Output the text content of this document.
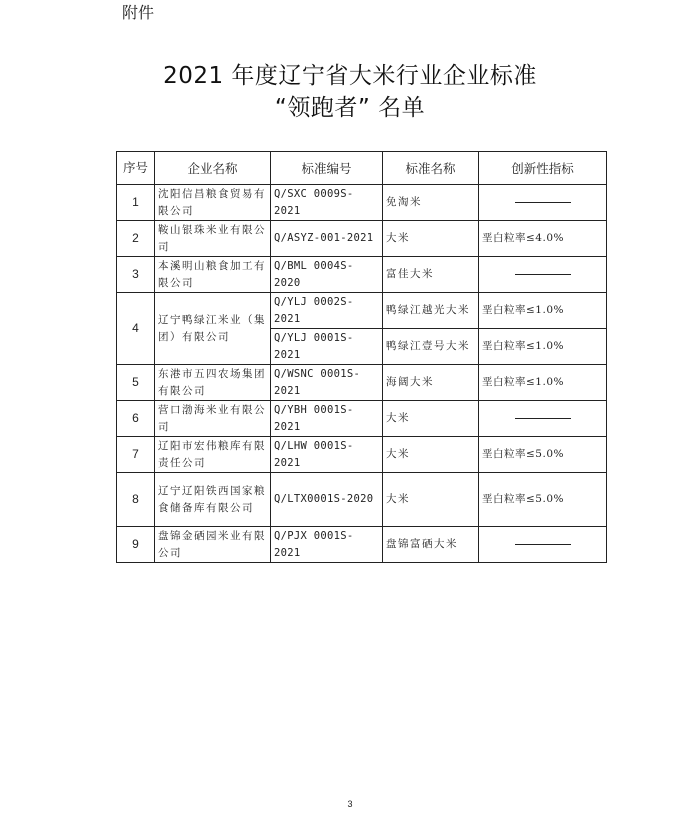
附件
2021 年度辽宁省大米行业企业标准
“领跑者” 名单
序号	企业名称	标准编号	标准名称	创新性指标
1	沈阳信昌粮食贸易有限公司	Q/SXC 0009S-2021	免淘米	
2	鞍山银珠米业有限公司	Q/ASYZ-001-2021	大米	垩白粒率≤4.0%
3	本溪明山粮食加工有限公司	Q/BML 0004S-2020	富佳大米	
4	辽宁鸭绿江米业（集团）有限公司	Q/YLJ 0002S-2021	鸭绿江越光大米	垩白粒率≤1.0%
		Q/YLJ 0001S-2021	鸭绿江壹号大米	垩白粒率≤1.0%
5	东港市五四农场集团有限公司	Q/WSNC 0001S-2021	海阔大米	垩白粒率≤1.0%
6	营口渤海米业有限公司	Q/YBH 0001S-2021	大米	
7	辽阳市宏伟粮库有限责任公司	Q/LHW 0001S-2021	大米	垩白粒率≤5.0%
8	辽宁辽阳铁西国家粮食储备库有限公司	Q/LTX0001S-2020	大米	垩白粒率≤5.0%
9	盘锦金硒园米业有限公司	Q/PJX 0001S-2021	盘锦富硒大米	
3
